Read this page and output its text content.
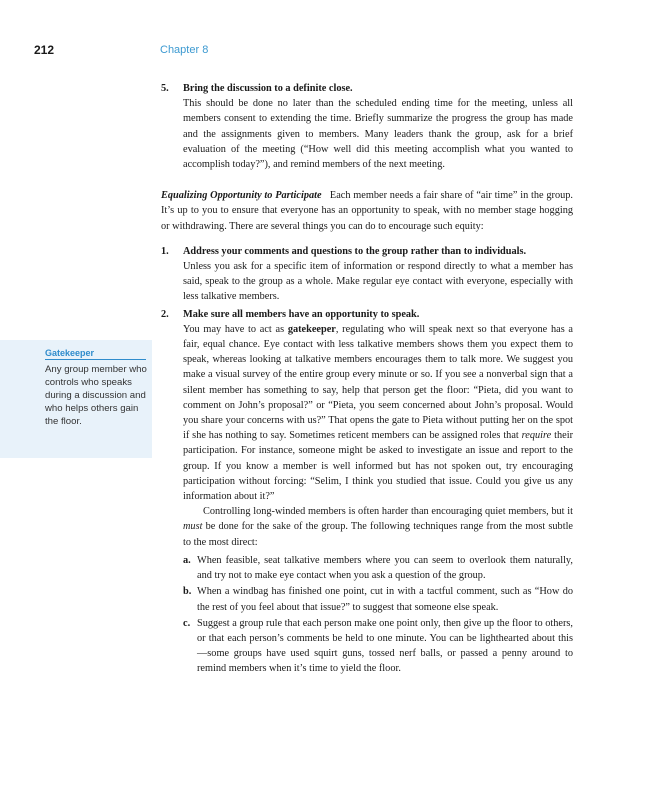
212	Chapter 8
Gatekeeper
Any group member who controls who speaks during a discussion and who helps others gain the floor.
5. Bring the discussion to a definite close.

This should be done no later than the scheduled ending time for the meeting, unless all members consent to extending the time. Briefly summarize the progress the group has made and the assignments given to members. Many leaders thank the group, ask for a brief evaluation of the meeting (“How well did this meeting accomplish what you wanted to accomplish today?”), and remind members of the next meeting.

Equalizing Opportunity to Participate Each member needs a fair share of “air time” in the group. It’s up to you to ensure that everyone has an opportunity to speak, with no member stage hogging or withdrawing. There are several things you can do to encourage such equity:

1. Address your comments and questions to the group rather than to individuals.

Unless you ask for a specific item of information or respond directly to what a member has said, speak to the group as a whole. Make regular eye contact with everyone, especially with less talkative members.

2. Make sure all members have an opportunity to speak.

You may have to act as gatekeeper, regulating who will speak next so that everyone has a fair, equal chance. Eye contact with less talkative members shows them you expect them to speak, whereas looking at talkative members encourages them to talk more. We suggest you make a visual survey of the entire group every minute or so. If you see a nonverbal sign that a silent member has something to say, help that person get the floor: “Pieta, did you want to comment on John’s proposal?” or “Pieta, you seem concerned about John’s proposal. Would you share your concerns with us?” That opens the gate to Pieta without putting her on the spot if she has nothing to say. Sometimes reticent members can be assigned roles that require their participation. For instance, someone might be asked to investigate an issue and report to the group. If you know a member is well informed but has not spoken out, try encouraging participation without forcing: “Selim, I think you studied that issue. Could you give us any information about it?”

Controlling long-winded members is often harder than encouraging quiet members, but it must be done for the sake of the group. The following techniques range from the most subtle to the most direct:

a. When feasible, seat talkative members where you can seem to overlook them naturally, and try not to make eye contact when you ask a question of the group.

b. When a windbag has finished one point, cut in with a tactful comment, such as “How do the rest of you feel about that issue?” to suggest that someone else speak.

c. Suggest a group rule that each person make one point only, then give up the floor to others, or that each person’s comments be held to one minute. You can be lighthearted about this—some groups have used squirt guns, tossed nerf balls, or passed a penny around to remind members when it’s time to yield the floor.
